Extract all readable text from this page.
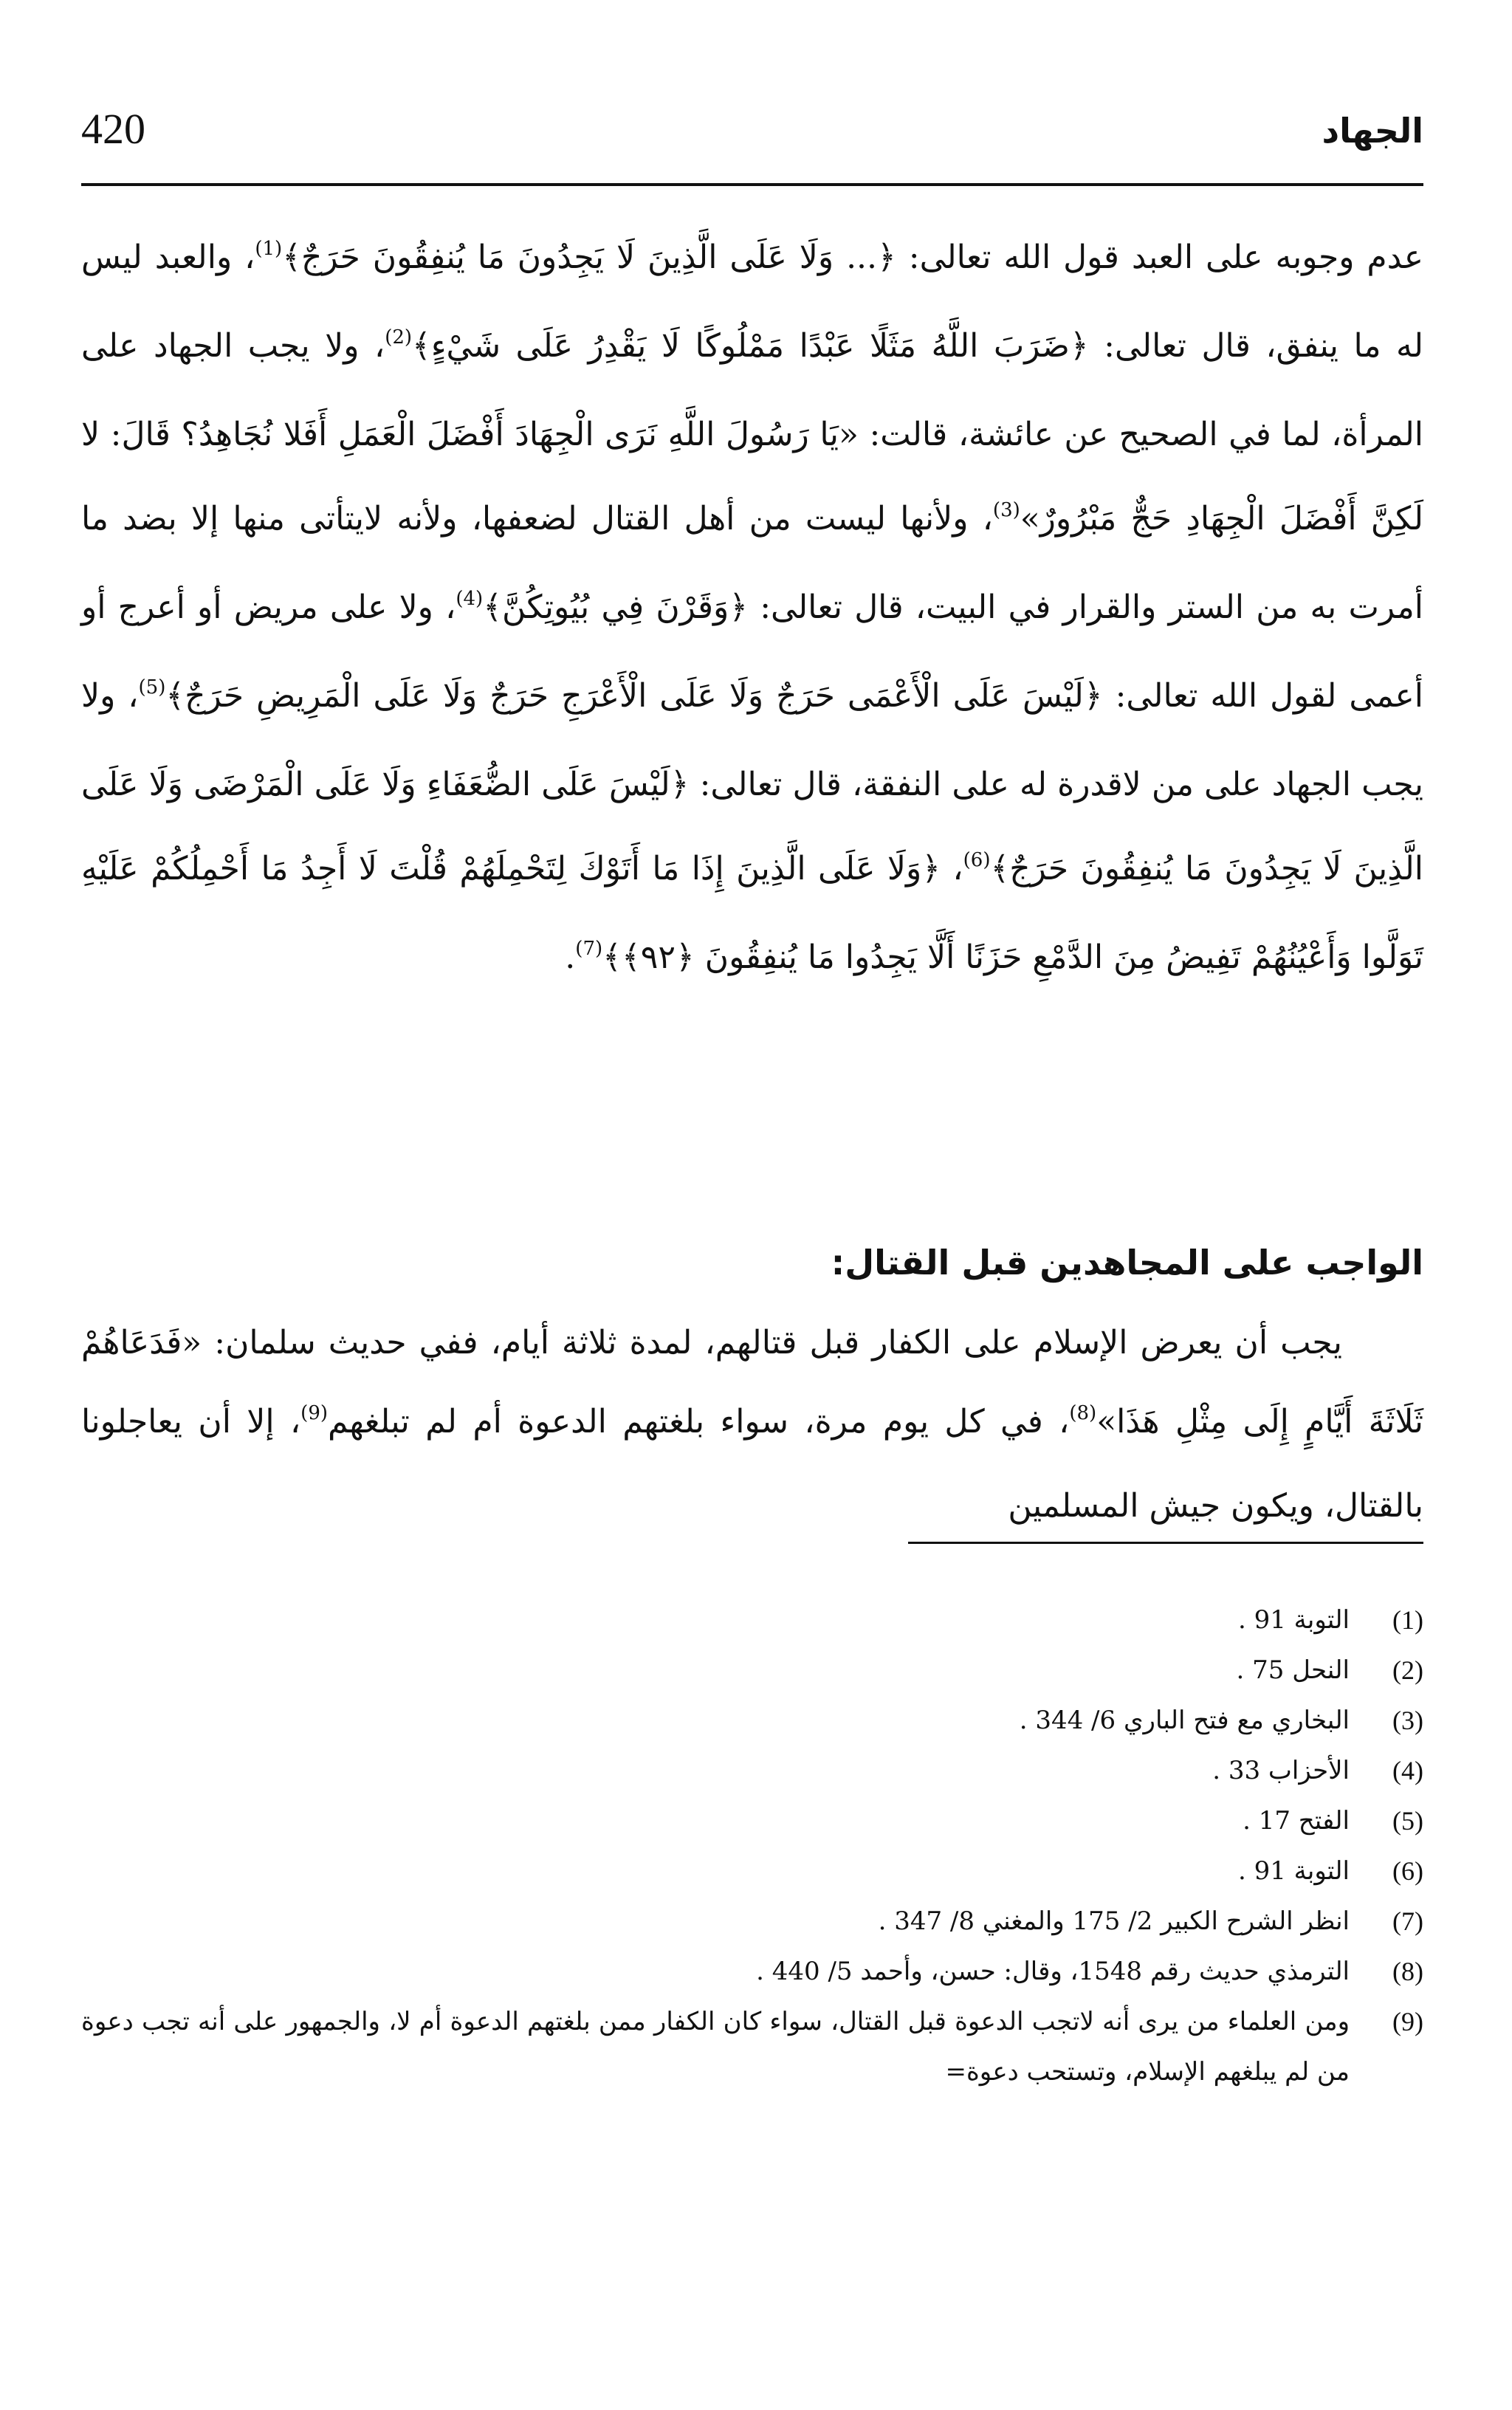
420	الجهاد
عدم وجوبه على العبد قول الله تعالى: ﴿... وَلَا عَلَى الَّذِينَ لَا يَجِدُونَ مَا يُنفِقُونَ حَرَجٌ﴾$^{(1)}$، والعبد ليس له ما ينفق، قال تعالى: ﴿ضَرَبَ اللَّهُ مَثَلًا عَبْدًا مَمْلُوكًا لَا يَقْدِرُ عَلَى شَيْءٍ﴾$^{(2)}$، ولا يجب الجهاد على المرأة، لما في الصحيح عن عائشة، قالت: «يَا رَسُولَ اللَّهِ نَرَى الْجِهَادَ أَفْضَلَ الْعَمَلِ أَفَلا نُجَاهِدُ؟ قَالَ: لا لَكِنَّ أَفْضَلَ الْجِهَادِ حَجٌّ مَبْرُورٌ»$^{(3)}$، ولأنها ليست من أهل القتال لضعفها، ولأنه لايتأتى منها إلا بضد ما أمرت به من الستر والقرار في البيت، قال تعالى: ﴿وَقَرْنَ فِي بُيُوتِكُنَّ﴾$^{(4)}$، ولا على مريض أو أعرج أو أعمى لقول الله تعالى: ﴿لَيْسَ عَلَى الْأَعْمَى حَرَجٌ وَلَا عَلَى الْأَعْرَجِ حَرَجٌ وَلَا عَلَى الْمَرِيضِ حَرَجٌ﴾$^{(5)}$، ولا يجب الجهاد على من لاقدرة له على النفقة، قال تعالى: ﴿لَيْسَ عَلَى الضُّعَفَاءِ وَلَا عَلَى الْمَرْضَى وَلَا عَلَى الَّذِينَ لَا يَجِدُونَ مَا يُنفِقُونَ حَرَجٌ﴾$^{(6)}$، ﴿وَلَا عَلَى الَّذِينَ إِذَا مَا أَتَوْكَ لِتَحْمِلَهُمْ قُلْتَ لَا أَجِدُ مَا أَحْمِلُكُمْ عَلَيْهِ تَوَلَّوا وَأَعْيُنُهُمْ تَفِيضُ مِنَ الدَّمْعِ حَزَنًا أَلَّا يَجِدُوا مَا يُنفِقُونَ ﴿٩٢﴾﴾$^{(7)}$.
الواجب على المجاهدين قبل القتال:
يجب أن يعرض الإسلام على الكفار قبل قتالهم، لمدة ثلاثة أيام، ففي حديث سلمان: «فَدَعَاهُمْ ثَلَاثَةَ أَيَّامٍ إِلَى مِثْلِ هَذَا»$^{(8)}$، في كل يوم مرة، سواء بلغتهم الدعوة أم لم تبلغهم$^{(9)}$، إلا أن يعاجلونا بالقتال، ويكون جيش المسلمين
(1)
التوبة 91 .
(2)
النحل 75 .
(3)
البخاري مع فتح الباري 6/ 344 .
(4)
الأحزاب 33 .
(5)
الفتح 17 .
(6)
التوبة 91 .
(7)
انظر الشرح الكبير 2/ 175 والمغني 8/ 347 .
(8)
الترمذي حديث رقم 1548، وقال: حسن، وأحمد 5/ 440 .
(9)
ومن العلماء من يرى أنه لاتجب الدعوة قبل القتال، سواء كان الكفار ممن بلغتهم الدعوة أم لا، والجمهور على أنه تجب دعوة من لم يبلغهم الإسلام، وتستحب دعوة=
